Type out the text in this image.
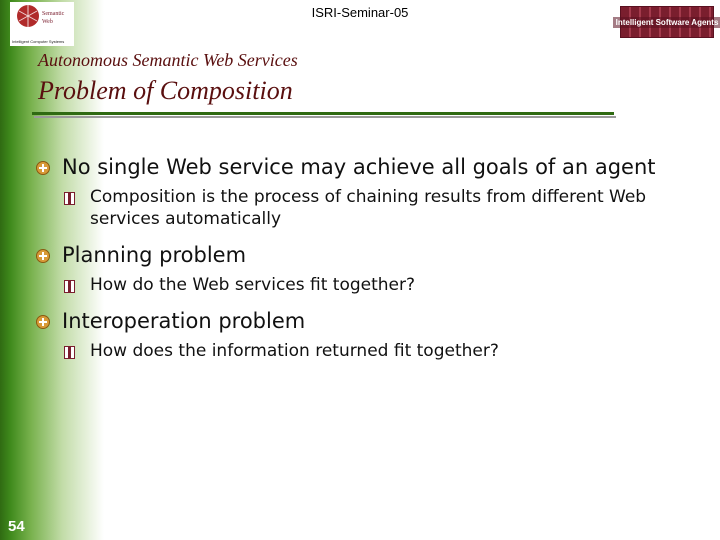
ISRI-Seminar-05
Semantic
Web
Intelligent Computer Systems
Intelligent Software Agents
Autonomous Semantic Web Services
Problem of Composition
No single Web service may achieve all goals of an agent
Composition is the process of chaining results from different Web services automatically
Planning problem
How do the Web services fit together?
Interoperation problem
How does the information returned fit together?
54
